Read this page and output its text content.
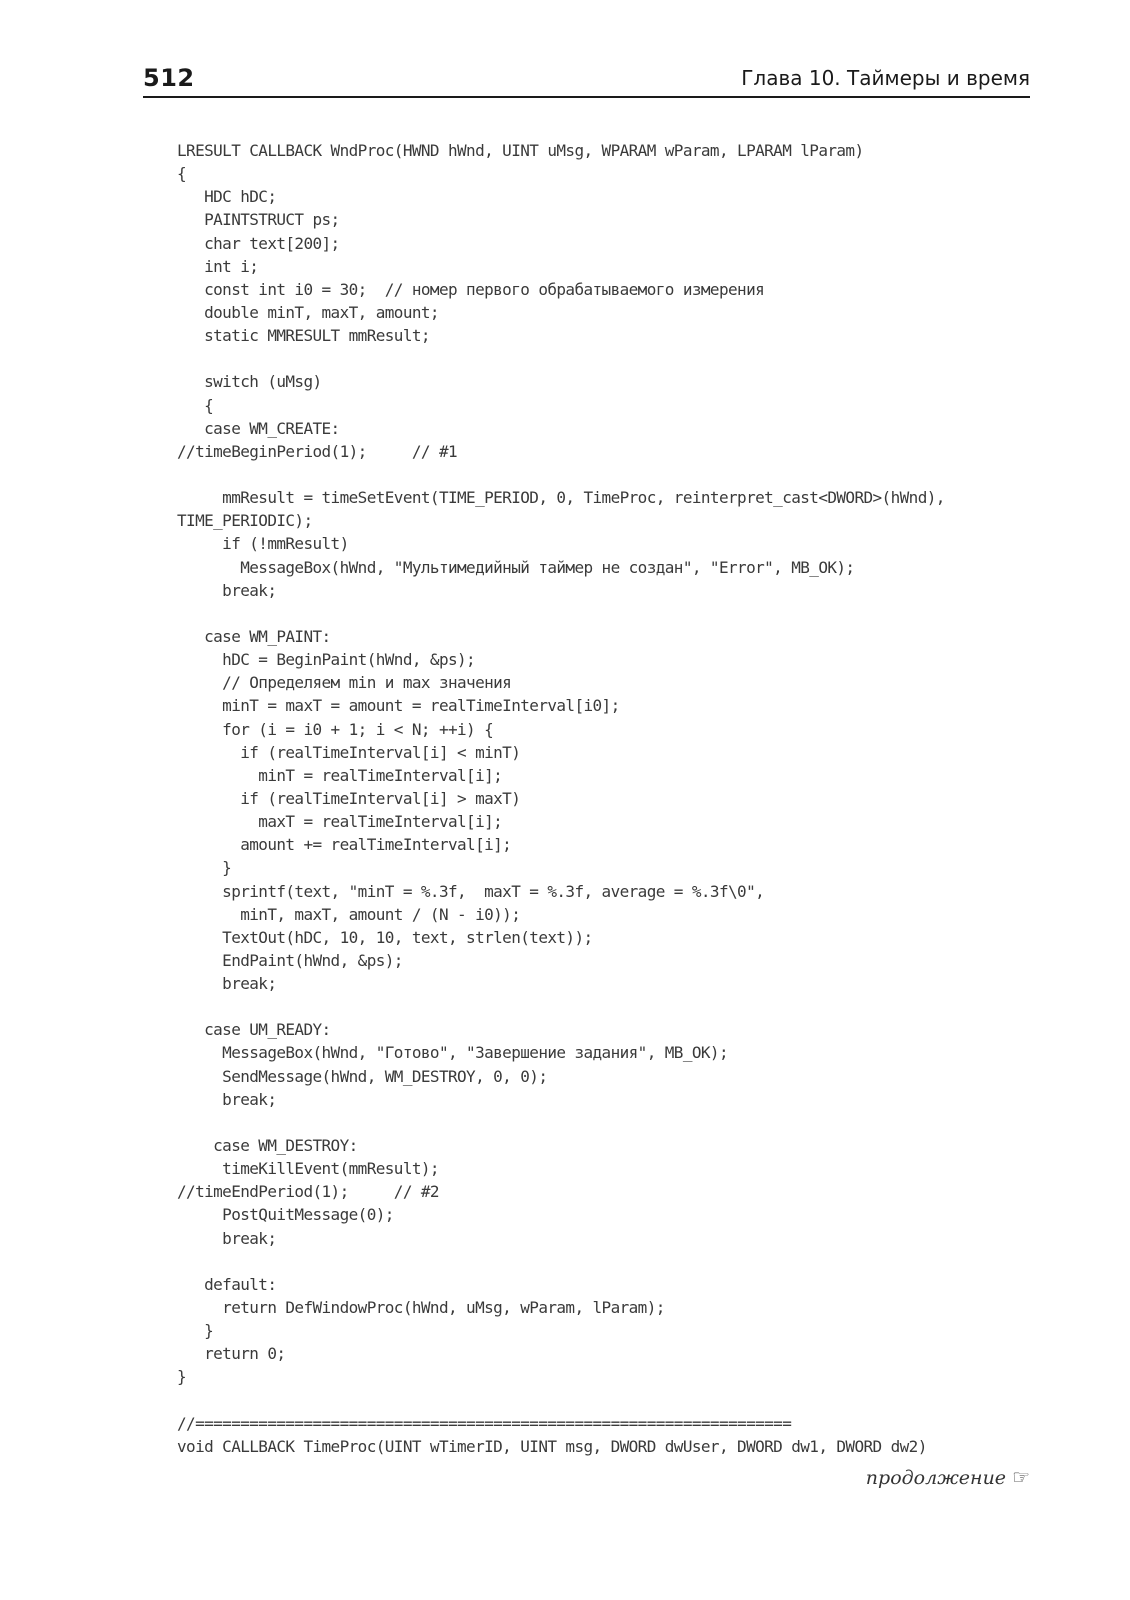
512	Глава 10. Таймеры и время
LRESULT CALLBACK WndProc(HWND hWnd, UINT uMsg, WPARAM wParam, LPARAM lParam)
{
HDC hDC;
PAINTSTRUCT ps;
char text[200];
int i;
const int i0 = 30;  // номер первого обрабатываемого измерения
double minT, maxT, amount;
static MMRESULT mmResult;
switch (uMsg)
{
case WM_CREATE:
//timeBeginPeriod(1);     // #1
mmResult = timeSetEvent(TIME_PERIOD, 0, TimeProc, reinterpret_cast<DWORD>(hWnd),
TIME_PERIODIC);
if (!mmResult)
MessageBox(hWnd, "Мультимедийный таймер не создан", "Error", MB_OK);
break;
case WM_PAINT:
hDC = BeginPaint(hWnd, &ps);
// Определяем min и max значения
minT = maxT = amount = realTimeInterval[i0];
for (i = i0 + 1; i < N; ++i) {
if (realTimeInterval[i] < minT)
minT = realTimeInterval[i];
if (realTimeInterval[i] > maxT)
maxT = realTimeInterval[i];
amount += realTimeInterval[i];
}
sprintf(text, "minT = %.3f,  maxT = %.3f, average = %.3f\0",
minT, maxT, amount / (N - i0));
TextOut(hDC, 10, 10, text, strlen(text));
EndPaint(hWnd, &ps);
break;
case UM_READY:
MessageBox(hWnd, "Готово", "Завершение задания", MB_OK);
SendMessage(hWnd, WM_DESTROY, 0, 0);
break;
case WM_DESTROY:
timeKillEvent(mmResult);
//timeEndPeriod(1);     // #2
PostQuitMessage(0);
break;
default:
return DefWindowProc(hWnd, uMsg, wParam, lParam);
}
return 0;
}
//==================================================================
void CALLBACK TimeProc(UINT wTimerID, UINT msg, DWORD dwUser, DWORD dw1, DWORD dw2)
продолжение ☞
